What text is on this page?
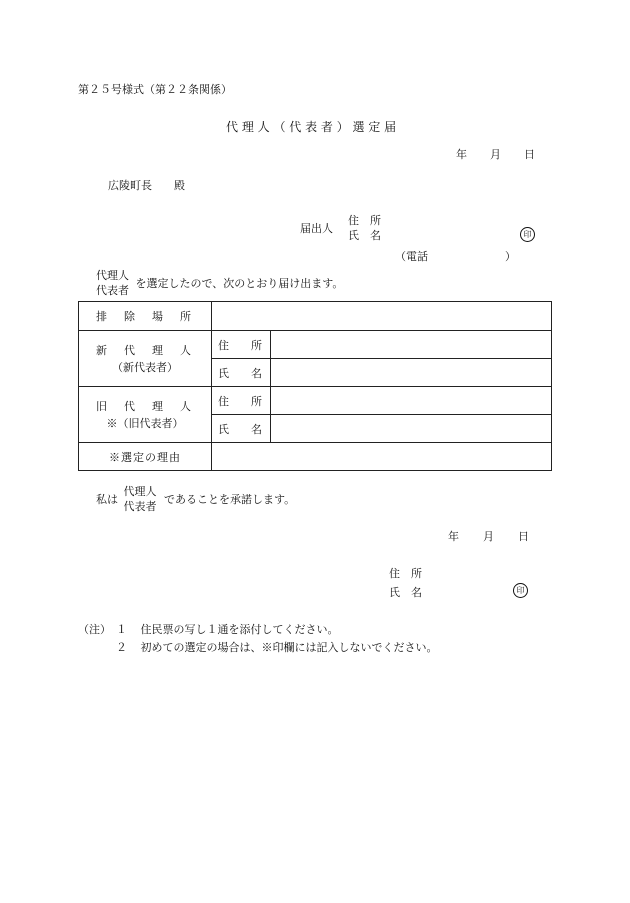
第２５号様式（第２２条関係）
代 理 人 （ 代 表 者 ） 選 定 届
年 月 日
広陵町長　　殿
届出人
住　所
氏　名	印
（電話	）
代理人
代表者 を選定したので、次のとおり届け出ます。
排　除　場　所		

新　代　理　人
（新代表者）	住　　所	
	氏　　名	

旧　代　理　人
※（旧代表者）	住　　所	
	氏　　名	
※選定の理由		
私は 代理人
代表者 であることを承諾します。
年 月 日
住　所
氏　名	印
（注） １ 住民票の写し１通を添付してください。
２ 初めての選定の場合は、※印欄には記入しないでください。
